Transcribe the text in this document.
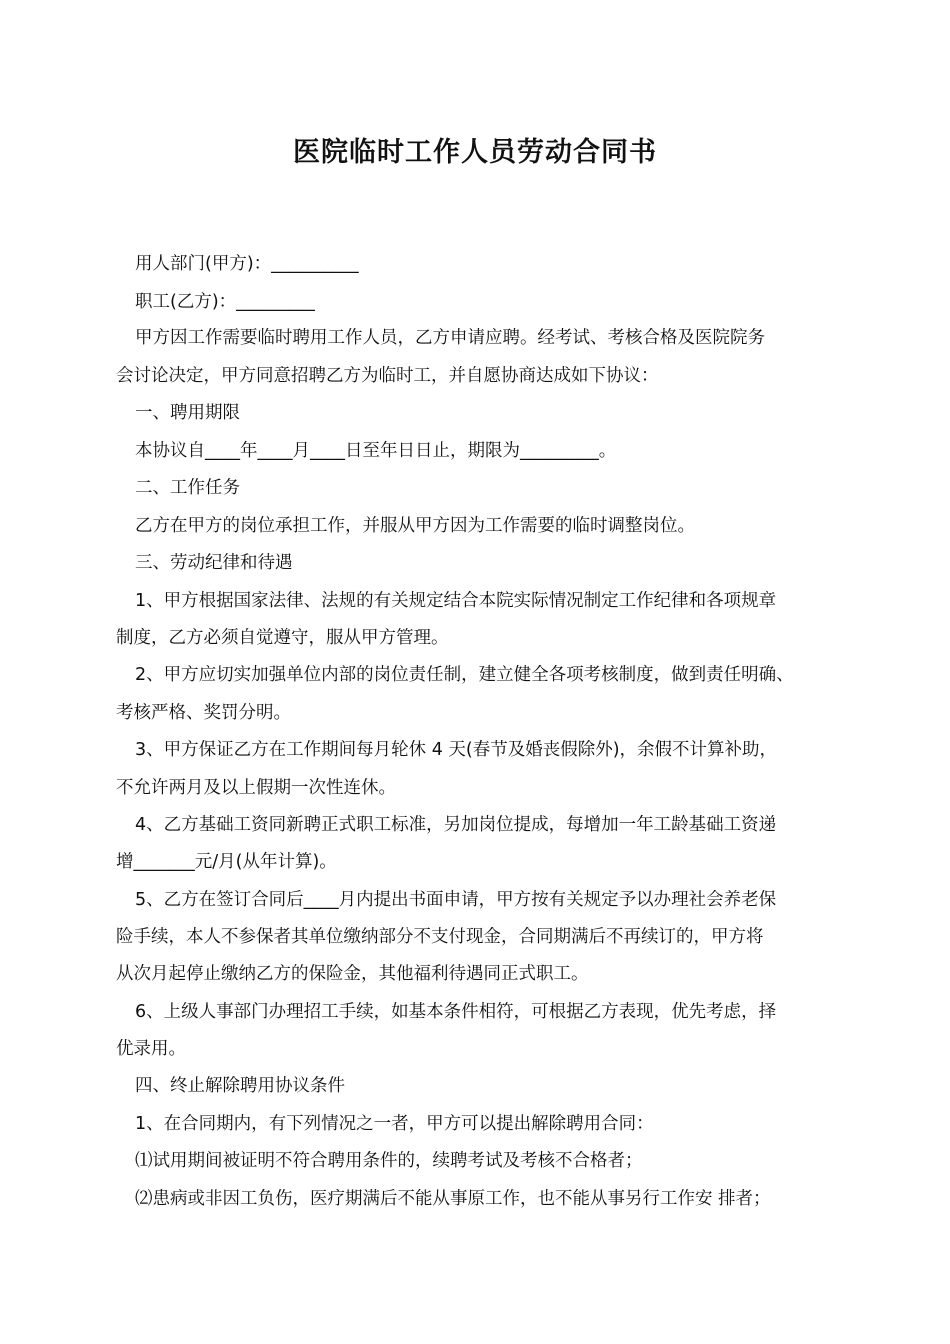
医院临时工作人员劳动合同书
用人部门(甲方)：__________
职工(乙方)：_________
甲方因工作需要临时聘用工作人员，乙方申请应聘。经考试、考核合格及医院院务
会讨论决定，甲方同意招聘乙方为临时工，并自愿协商达成如下协议：
一、聘用期限
本协议自____年____月____日至年日日止，期限为_________。
二、工作任务
乙方在甲方的岗位承担工作，并服从甲方因为工作需要的临时调整岗位。
三、劳动纪律和待遇
1、甲方根据国家法律、法规的有关规定结合本院实际情况制定工作纪律和各项规章
制度，乙方必须自觉遵守，服从甲方管理。
2、甲方应切实加强单位内部的岗位责任制，建立健全各项考核制度，做到责任明确、
考核严格、奖罚分明。
3、甲方保证乙方在工作期间每月轮休 4 天(春节及婚丧假除外)，余假不计算补助，
不允许两月及以上假期一次性连休。
4、乙方基础工资同新聘正式职工标准，另加岗位提成，每增加一年工龄基础工资递
增_______元/月(从年计算)。
5、乙方在签订合同后____月内提出书面申请，甲方按有关规定予以办理社会养老保
险手续，本人不参保者其单位缴纳部分不支付现金，合同期满后不再续订的，甲方将
从次月起停止缴纳乙方的保险金，其他福利待遇同正式职工。
6、上级人事部门办理招工手续，如基本条件相符，可根据乙方表现，优先考虑，择
优录用。
四、终止解除聘用协议条件
1、在合同期内，有下列情况之一者，甲方可以提出解除聘用合同：
⑴试用期间被证明不符合聘用条件的，续聘考试及考核不合格者；
⑵患病或非因工负伤，医疗期满后不能从事原工作，也不能从事另行工作安 排者；
